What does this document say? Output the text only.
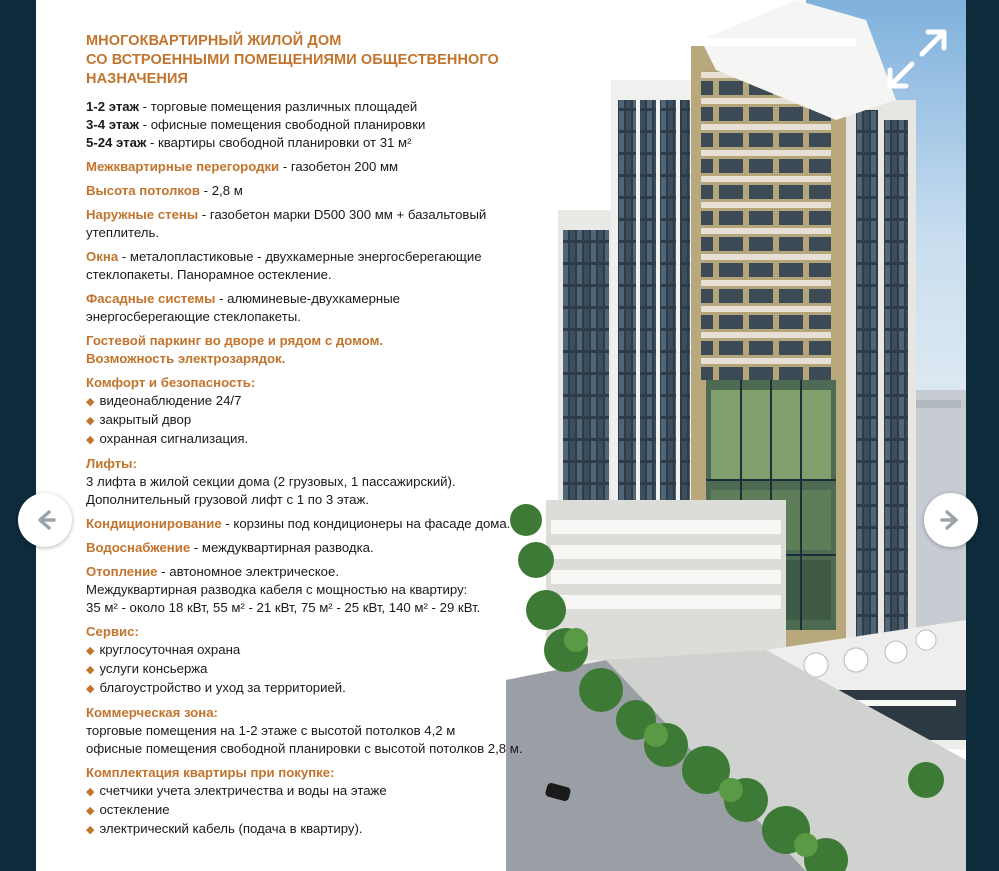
МНОГОКВАРТИРНЫЙ ЖИЛОЙ ДОМ
СО ВСТРОЕННЫМИ ПОМЕЩЕНИЯМИ ОБЩЕСТВЕННОГО НАЗНАЧЕНИЯ
1-2 этаж - торговые помещения различных площадей
3-4 этаж - офисные помещения свободной планировки
5-24 этаж - квартиры свободной планировки от 31 м²
Межквартирные перегородки - газобетон 200 мм
Высота потолков - 2,8 м
Наружные стены - газобетон марки D500 300 мм + базальтовый
утеплитель.
Окна - металопластиковые - двухкамерные энергосберегающие
стеклопакеты. Панорамное остекление.
Фасадные системы - алюминевые-двухкамерные
энергосберегающие стеклопакеты.
Гостевой паркинг во дворе и рядом с домом.
Возможность электрозарядок.
Комфорт и безопасность:
◆ видеонаблюдение 24/7
◆ закрытый двор
◆ охранная сигнализация.
Лифты:
3 лифта в жилой секции дома (2 грузовых, 1 пассажирский).
Дополнительный грузовой лифт с 1 по 3 этаж.
Кондиционирование - корзины под кондиционеры на фасаде дома.
Водоснабжение - междуквартирная разводка.
Отопление - автономное электрическое.
Междуквартирная разводка кабеля с мощностью на квартиру:
35 м² - около 18 кВт, 55 м² - 21 кВт, 75 м² - 25 кВт, 140 м² - 29 кВт.
Сервис:
◆ круглосуточная охрана
◆ услуги консьержа
◆ благоустройство и уход за территорией.
Коммерческая зона:
торговые помещения на 1-2 этаже с высотой потолков 4,2 м
офисные помещения свободной планировки с высотой потолков 2,8 м.
Комплектация квартиры при покупке:
◆ счетчики учета электричества и воды на этаже
◆ остекление
◆ электрический кабель (подача в квартиру).
